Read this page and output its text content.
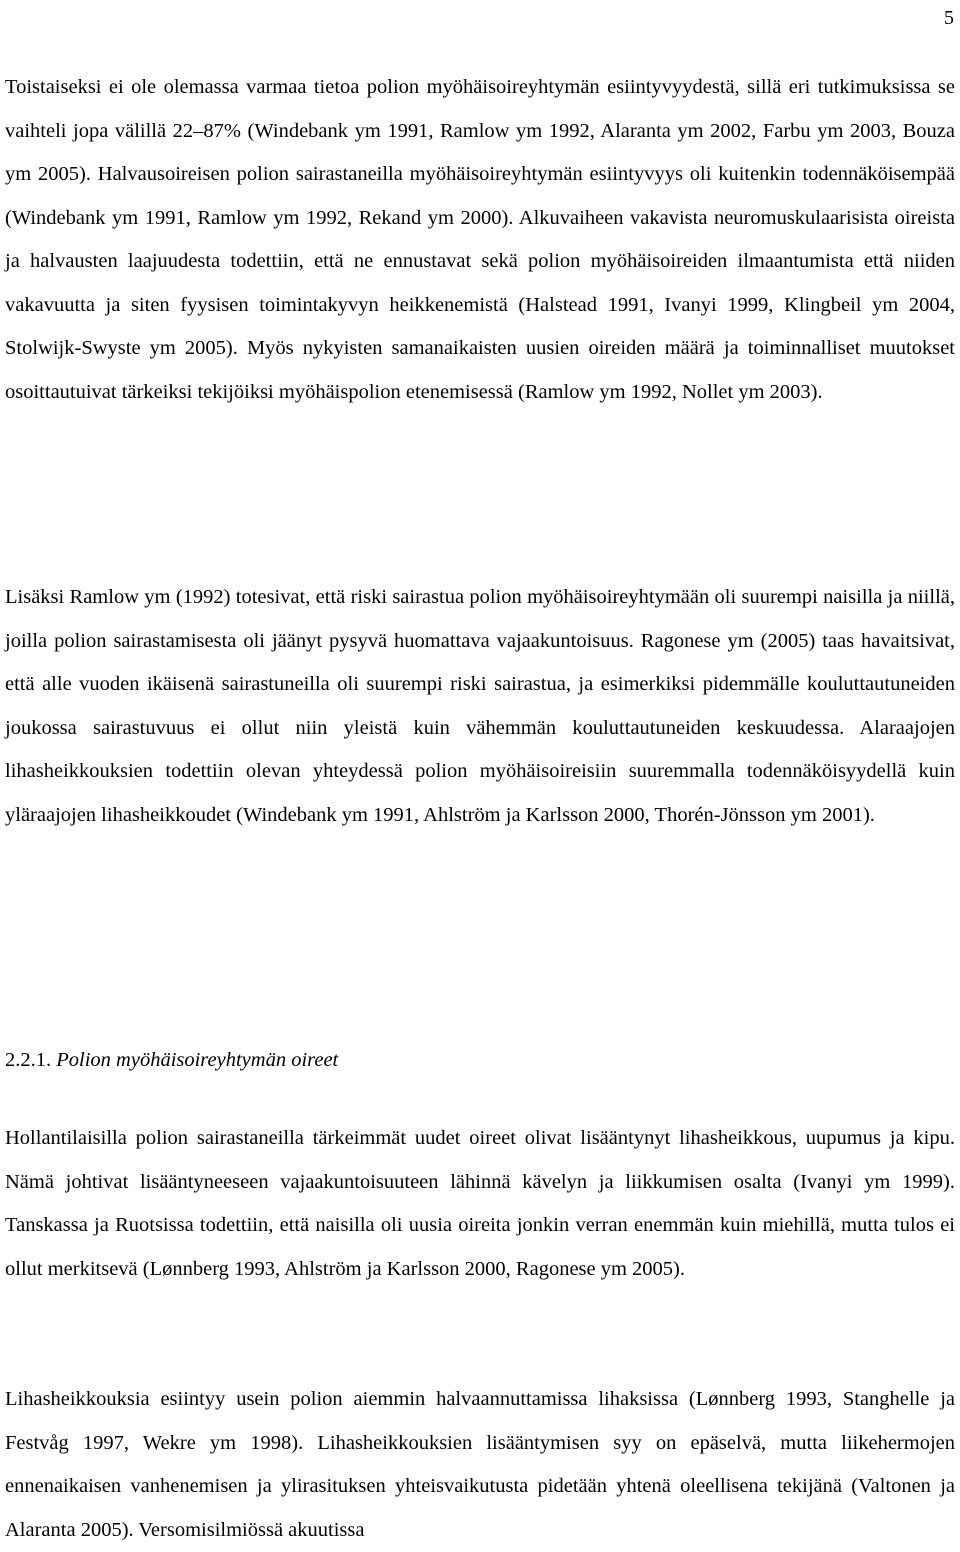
5

Toistaiseksi ei ole olemassa varmaa tietoa polion myöhäisoireyhtymän esiintyvyydestä, sillä eri tutkimuksissa se vaihteli jopa välillä 22–87% (Windebank ym 1991, Ramlow ym 1992, Alaranta ym 2002, Farbu ym 2003, Bouza ym 2005). Halvausoireisen polion sairastaneilla myöhäisoireyhtymän esiintyvyys oli kuitenkin todennäköisempää (Windebank ym 1991, Ramlow ym 1992, Rekand ym 2000). Alkuvaiheen vakavista neuromuskulaarisista oireista ja halvausten laajuudesta todettiin, että ne ennustavat sekä polion myöhäisoireiden ilmaantumista että niiden vakavuutta ja siten fyysisen toimintakyvyn heikkenemistä (Halstead 1991, Ivanyi 1999, Klingbeil ym 2004, Stolwijk-Swyste ym 2005). Myös nykyisten samanaikaisten uusien oireiden määrä ja toiminnalliset muutokset osoittautuivat tärkeiksi tekijöiksi myöhäispolion etenemisessä (Ramlow ym 1992, Nollet ym 2003).

Lisäksi Ramlow ym (1992) totesivat, että riski sairastua polion myöhäisoireyhtymään oli suurempi naisilla ja niillä, joilla polion sairastamisesta oli jäänyt pysyvä huomattava vajaakuntoisuus. Ragonese ym (2005) taas havaitsivat, että alle vuoden ikäisenä sairastuneilla oli suurempi riski sairastua, ja esimerkiksi pidemmälle kouluttautuneiden joukossa sairastuvuus ei ollut niin yleistä kuin vähemmän kouluttautuneiden keskuudessa. Alaraajojen lihasheikkouksien todettiin olevan yhteydessä polion myöhäisoireisiin suuremmalla todennäköisyydellä kuin yläraajojen lihasheikkoudet (Windebank ym 1991, Ahlström ja Karlsson 2000, Thorén-Jönsson ym 2001).

2.2.1. Polion myöhäisoireyhtymän oireet

Hollantilaisilla polion sairastaneilla tärkeimmät uudet oireet olivat lisääntynyt lihasheikkous, uupumus ja kipu. Nämä johtivat lisääntyneeseen vajaakuntoisuuteen lähinnä kävelyn ja liikkumisen osalta (Ivanyi ym 1999). Tanskassa ja Ruotsissa todettiin, että naisilla oli uusia oireita jonkin verran enemmän kuin miehillä, mutta tulos ei ollut merkitsevä (Lønnberg 1993, Ahlström ja Karlsson 2000, Ragonese ym 2005).

Lihasheikkouksia esiintyy usein polion aiemmin halvaannuttamissa lihaksissa (Lønnberg 1993, Stanghelle ja Festvåg 1997, Wekre ym 1998). Lihasheikkouksien lisääntymisen syy on epäselvä, mutta liikehermojen ennenaikaisen vanhenemisen ja ylirasituksen yhteisvaikutusta pidetään yhtenä oleellisena tekijänä (Valtonen ja Alaranta 2005). Versomisilmiössä akuutissa
